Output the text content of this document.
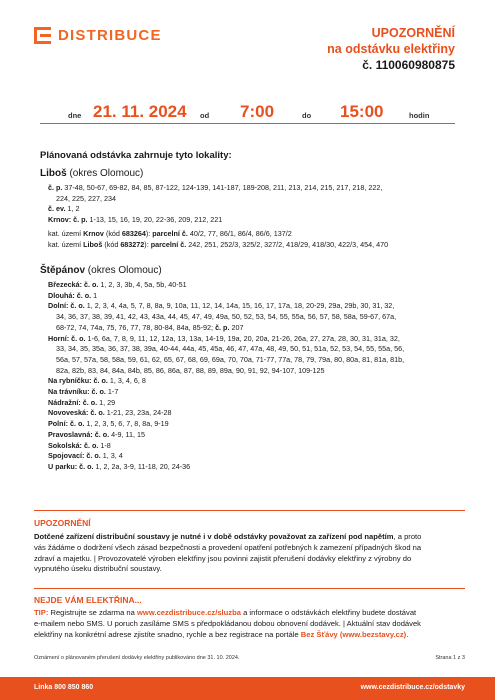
DISTRIBUCE	UPOZORNĚNÍ
na odstávku elektřiny
č. 110060980875
dne 21. 11. 2024 od 7:00	do 15:00	hodin
Plánovaná odstávka zahrnuje tyto lokality:
Liboš (okres Olomouc)
č. p. 37-48, 50-67, 69-82, 84, 85, 87-122, 124-139, 141-187, 189-208, 211, 213, 214, 215, 217, 218, 222,
224, 225, 227, 234
č. ev. 1, 2
Krnov: č. p. 1-13, 15, 16, 19, 20, 22-36, 209, 212, 221
kat. území Krnov (kód 683264): parcelní č. 40/2, 77, 86/1, 86/4, 86/6, 137/2
kat. území Liboš (kód 683272): parcelní č. 242, 251, 252/3, 325/2, 327/2, 418/29, 418/30, 422/3, 454, 470
Štěpánov (okres Olomouc)
Březecká: č. o. 1, 2, 3, 3b, 4, 5a, 5b, 40-51
Dlouhá: č. o. 1
Dolní: č. o. 1, 2, 3, 4, 4a, 5, 7, 8, 8a, 9, 10a, 11, 12, 14, 14a, 15, 16, 17, 17a, 18, 20-29, 29a, 29b, 30, 31, 32,
34, 36, 37, 38, 39, 41, 42, 43, 43a, 44, 45, 47, 49, 49a, 50, 52, 53, 54, 55, 55a, 56, 57, 58, 58a, 59-67, 67a,
68-72, 74, 74a, 75, 76, 77, 78, 80-84, 84a, 85-92; č. p. 207
Horní: č. o. 1-6, 6a, 7, 8, 9, 11, 12, 12a, 13, 13a, 14-19, 19a, 20, 20a, 21-26, 26a, 27, 27a, 28, 30, 31, 31a, 32,
33, 34, 35, 35a, 36, 37, 38, 39a, 40-44, 44a, 45, 45a, 46, 47, 47a, 48, 49, 50, 51, 51a, 52, 53, 54, 55, 55a, 56,
56a, 57, 57a, 58, 58a, 59, 61, 62, 65, 67, 68, 69, 69a, 70, 70a, 71-77, 77a, 78, 79, 79a, 80, 80a, 81, 81a, 81b,
82a, 82b, 83, 84, 84a, 84b, 85, 86, 86a, 87, 88, 89, 89a, 90, 91, 92, 94-107, 109-125
Na rybníčku: č. o. 1, 3, 4, 6, 8
Na trávníku: č. o. 1-7
Nádražní: č. o. 1, 29
Novoveská: č. o. 1-21, 23, 23a, 24-28
Polní: č. o. 1, 2, 3, 5, 6, 7, 8, 8a, 9-19
Pravoslavná: č. o. 4-9, 11, 15
Sokolská: č. o. 1-8
Spojovací: č. o. 1, 3, 4
U parku: č. o. 1, 2, 2a, 3-9, 11-18, 20, 24-36
UPOZORNĚNÍ
Dotčené zařízení distribuční soustavy je nutné i v době odstávky považovat za zařízení pod napětím, a proto
vás žádáme o dodržení všech zásad bezpečnosti a provedení opatření potřebných k zamezení případných škod na
zdraví a majetku. | Provozovatelé výroben elektřiny jsou povinni zajistit přerušení dodávky elektřiny z výrobny do
vypnutého úseku distribuční soustavy.
NEJDE VÁM ELEKTŘINA...
TIP: Registrujte se zdarma na www.cezdistribuce.cz/sluzba a informace o odstávkách elektřiny budete dostávat
e-mailem nebo SMS. U poruch zasíláme SMS s předpokládanou dobou obnovení dodávek. | Aktuální stav dodávek
elektřiny na konkrétní adrese zjistíte snadno, rychle a bez registrace na portále Bez Šťávy (www.bezstavy.cz).
Oznámení o plánovaném přerušení dodávky elektřiny publikováno dne 31. 10. 2024.	Strana 1 z 3
Linka 800 850 860	www.cezdistribuce.cz/odstavky
